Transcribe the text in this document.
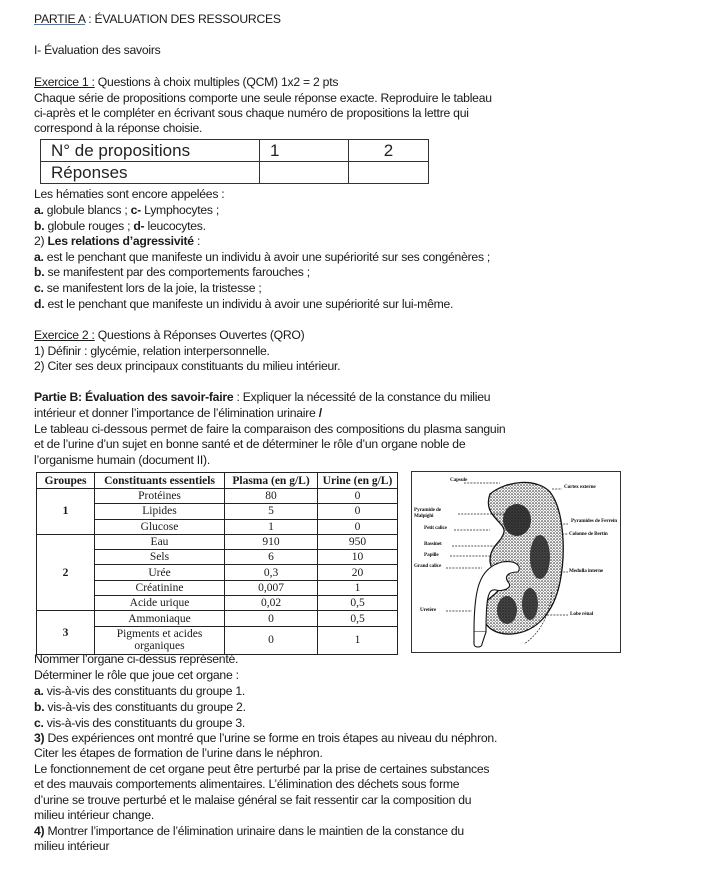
PARTIE A : ÉVALUATION DES RESSOURCES
I- Évaluation des savoirs
Exercice 1 : Questions à choix multiples (QCM) 1x2 = 2 pts
Chaque série de propositions comporte une seule réponse exacte. Reproduire le tableau
ci-après et le compléter en écrivant sous chaque numéro de propositions la lettre qui
correspond à la réponse choisie.
Les hématies sont encore appelées :
a. globule blancs ; c- Lymphocytes ;
b. globule rouges ; d- leucocytes.
2) Les relations d’agressivité :
a. est le penchant que manifeste un individu à avoir une supériorité sur ses congénères ;
b. se manifestent par des comportements farouches ;
c. se manifestent lors de la joie, la tristesse ;
d. est le penchant que manifeste un individu à avoir une supériorité sur lui-même.
Exercice 2 : Questions à Réponses Ouvertes (QRO)
1) Définir : glycémie, relation interpersonnelle.
2) Citer ses deux principaux constituants du milieu intérieur.
Partie B: Évaluation des savoir-faire : Expliquer la nécessité de la constance du milieu
intérieur et donner l’importance de l’élimination urinaire /
Le tableau ci-dessous permet de faire la comparaison des compositions du plasma sanguin
et de l’urine d’un sujet en bonne santé et de déterminer le rôle d’un organe noble de
l’organisme humain (document II).
Nommer l’organe ci-dessus représenté.
Déterminer le rôle que joue cet organe :
a. vis-à-vis des constituants du groupe 1.
b. vis-à-vis des constituants du groupe 2.
c. vis-à-vis des constituants du groupe 3.
3) Des expériences ont montré que l’urine se forme en trois étapes au niveau du néphron.
Citer les étapes de formation de l’urine dans le néphron.
Le fonctionnement de cet organe peut être perturbé par la prise de certaines substances
et des mauvais comportements alimentaires. L’élimination des déchets sous forme
d’urine se trouve perturbé et le malaise général se fait ressentir car la composition du
milieu intérieur change.
4) Montrer l’importance de l’élimination urinaire dans le maintien de la constance du
milieu intérieur
N° de propositions	1	2
Réponses		
Groupes	Constituants essentiels	Plasma (en g/L)	Urine (en g/L)
1	Protéines	80	0
	Lipides	5	0
	Glucose	1	0
2	Eau	910	950
	Sels	6	10
	Urée	0,3	20
	Créatinine	0,007	1
	Acide urique	0,02	0,5
3	Ammoniaque	0	0,5
	Pigments et acides organiques	0	1
Capsule
Cortex externe
Pyramide de Malpighi
Petit calice
Pyramides de Ferrein
Colonne de Bertin
Bassinet
Papille
Grand calice
Medulla interne
Uretère
Lobe rénal
